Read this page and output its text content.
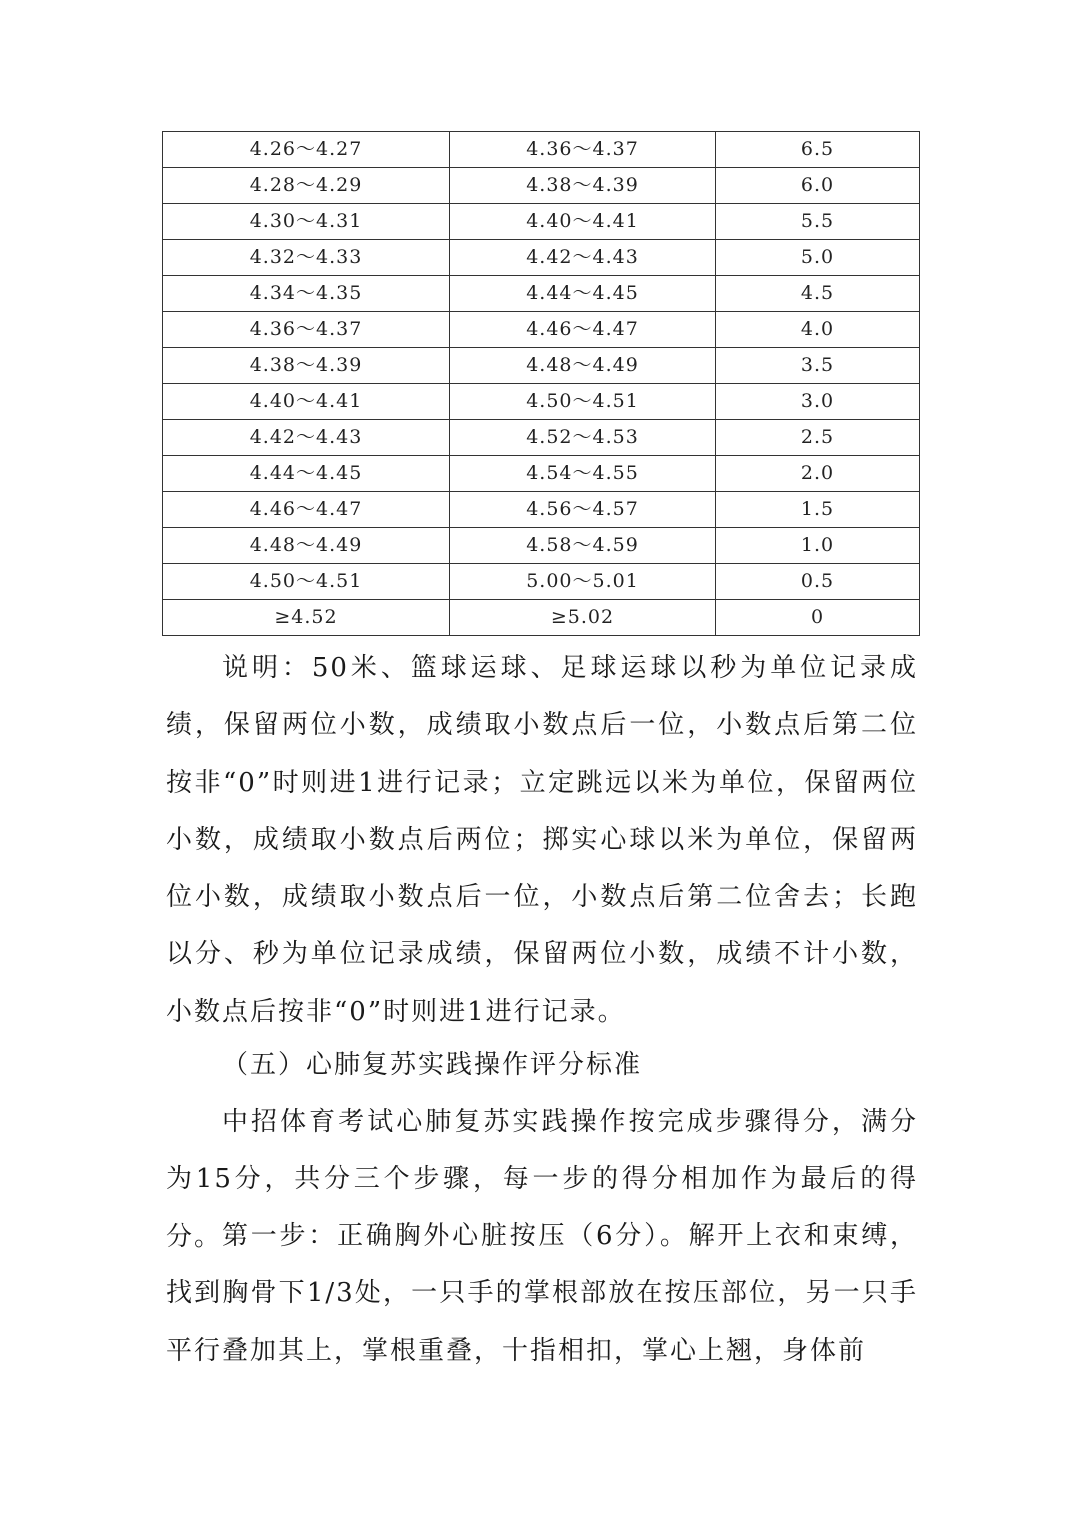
4.26～4.27	4.36～4.37	6.5
4.28～4.29	4.38～4.39	6.0
4.30～4.31	4.40～4.41	5.5
4.32～4.33	4.42～4.43	5.0
4.34～4.35	4.44～4.45	4.5
4.36～4.37	4.46～4.47	4.0
4.38～4.39	4.48～4.49	3.5
4.40～4.41	4.50～4.51	3.0
4.42～4.43	4.52～4.53	2.5
4.44～4.45	4.54～4.55	2.0
4.46～4.47	4.56～4.57	1.5
4.48～4.49	4.58～4.59	1.0
4.50～4.51	5.00～5.01	0.5
≥4.52	≥5.02	0

说明：50米、篮球运球、足球运球以秒为单位记录成绩，保留两位小数，成绩取小数点后一位，小数点后第二位按非“0”时则进1进行记录；立定跳远以米为单位，保留两位小数，成绩取小数点后两位；掷实心球以米为单位，保留两位小数，成绩取小数点后一位，小数点后第二位舍去；长跑以分、秒为单位记录成绩，保留两位小数，成绩不计小数，小数点后按非“0”时则进1进行记录。

（五）心肺复苏实践操作评分标准

中招体育考试心肺复苏实践操作按完成步骤得分，满分为15分，共分三个步骤，每一步的得分相加作为最后的得分。 第一步：正确胸外心脏按压（6分）。解开上衣和束缚，找到胸骨下1/3处，一只手的掌根部放在按压部位，另一只手平行叠加其上，掌根重叠，十指相扣，掌心上翘，身体前
